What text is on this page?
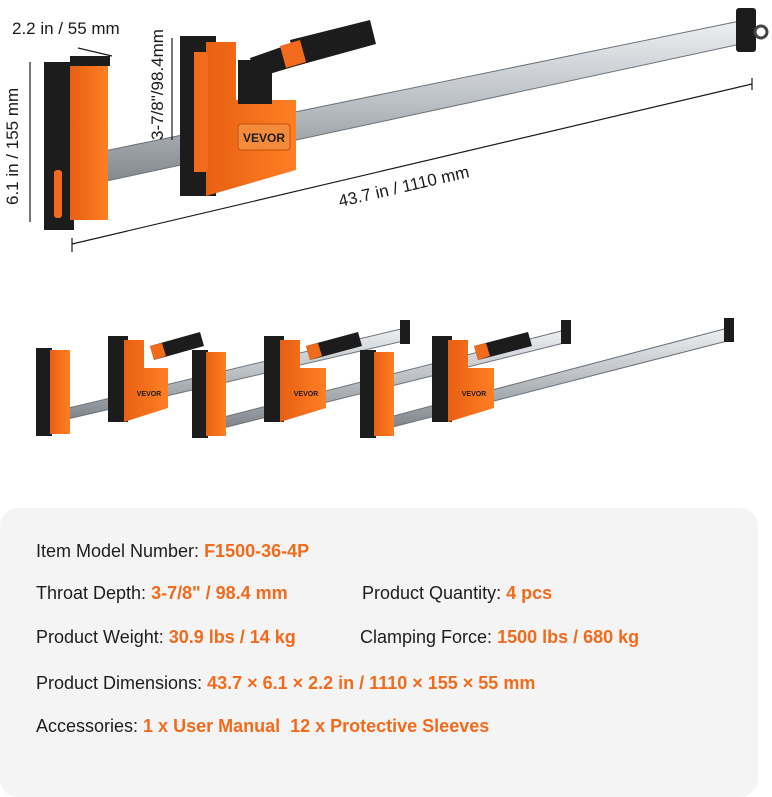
VEVOR
2.2 in / 55 mm
6.1 in / 155 mm
3-7/8"/98.4mm
43.7 in / 1110 mm
VEVOR	VEVOR	VEVOR
Item Model Number: F1500-36-4P
Throat Depth: 3-7/8" / 98.4 mm	Product Quantity: 4 pcs
Product Weight: 30.9 lbs / 14 kg	Clamping Force: 1500 lbs / 680 kg
Product Dimensions: 43.7 × 6.1 × 2.2 in / 1110 × 155 × 55 mm
Accessories: 1 x User Manual  12 x Protective Sleeves
